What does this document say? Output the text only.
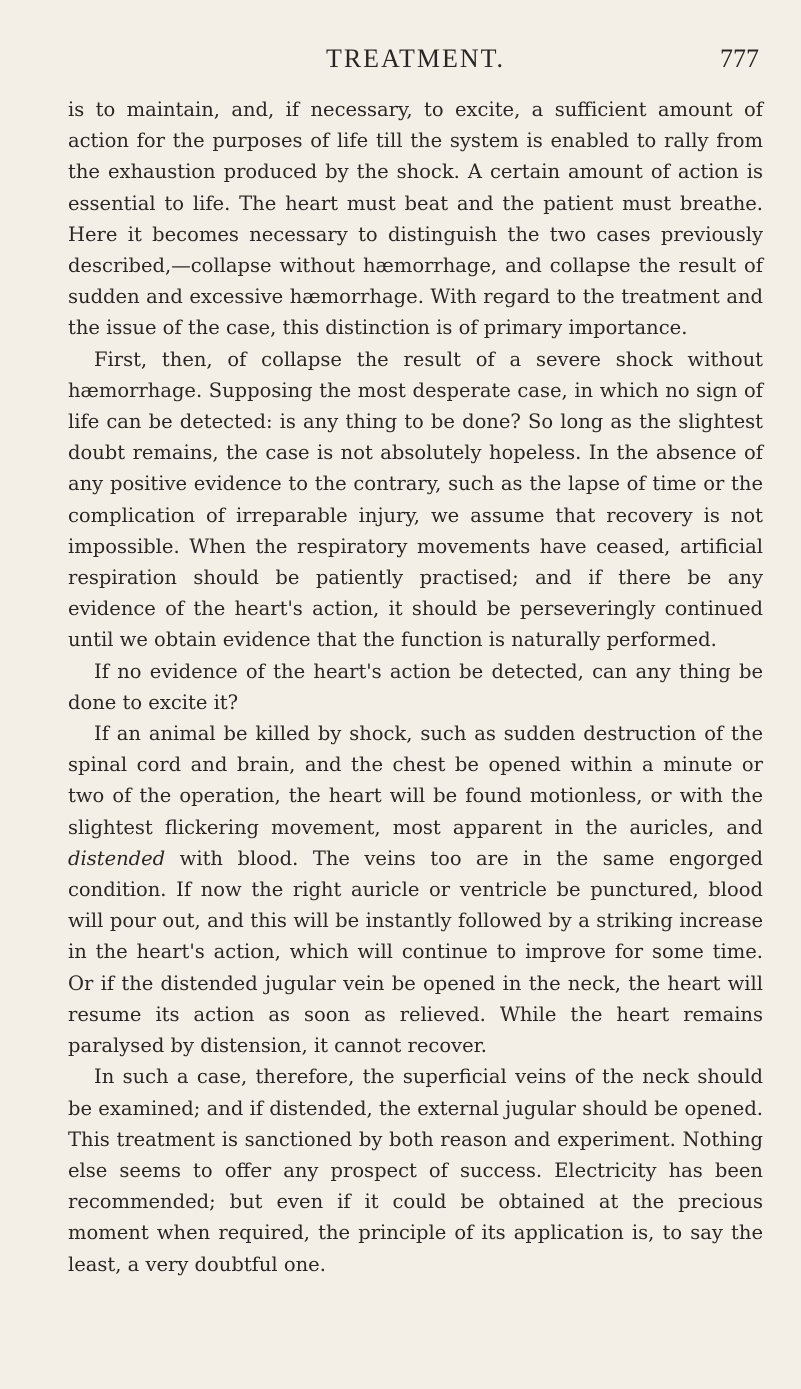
TREATMENT.	777

is to maintain, and, if necessary, to excite, a sufficient amount of action for the purposes of life till the system is enabled to rally from the exhaustion produced by the shock. A certain amount of action is essential to life. The heart must beat and the patient must breathe. Here it becomes necessary to distinguish the two cases previously described,—collapse without hæmorrhage, and collapse the result of sudden and excessive hæmorrhage. With regard to the treatment and the issue of the case, this distinction is of primary importance.

First, then, of collapse the result of a severe shock without hæmorrhage. Supposing the most desperate case, in which no sign of life can be detected: is any thing to be done? So long as the slightest doubt remains, the case is not absolutely hopeless. In the absence of any positive evidence to the contrary, such as the lapse of time or the complication of irreparable injury, we assume that recovery is not impossible. When the respiratory movements have ceased, artificial respiration should be patiently practised; and if there be any evidence of the heart's action, it should be perseveringly continued until we obtain evidence that the function is naturally performed.

If no evidence of the heart's action be detected, can any thing be done to excite it?

If an animal be killed by shock, such as sudden destruction of the spinal cord and brain, and the chest be opened within a minute or two of the operation, the heart will be found motionless, or with the slightest flickering movement, most apparent in the auricles, and distended with blood. The veins too are in the same engorged condition. If now the right auricle or ventricle be punctured, blood will pour out, and this will be instantly followed by a striking increase in the heart's action, which will continue to improve for some time. Or if the distended jugular vein be opened in the neck, the heart will resume its action as soon as relieved. While the heart remains paralysed by distension, it cannot recover.

In such a case, therefore, the superficial veins of the neck should be examined; and if distended, the external jugular should be opened. This treatment is sanctioned by both reason and experiment. Nothing else seems to offer any prospect of success. Electricity has been recommended; but even if it could be obtained at the precious moment when required, the principle of its application is, to say the least, a very doubtful one.
